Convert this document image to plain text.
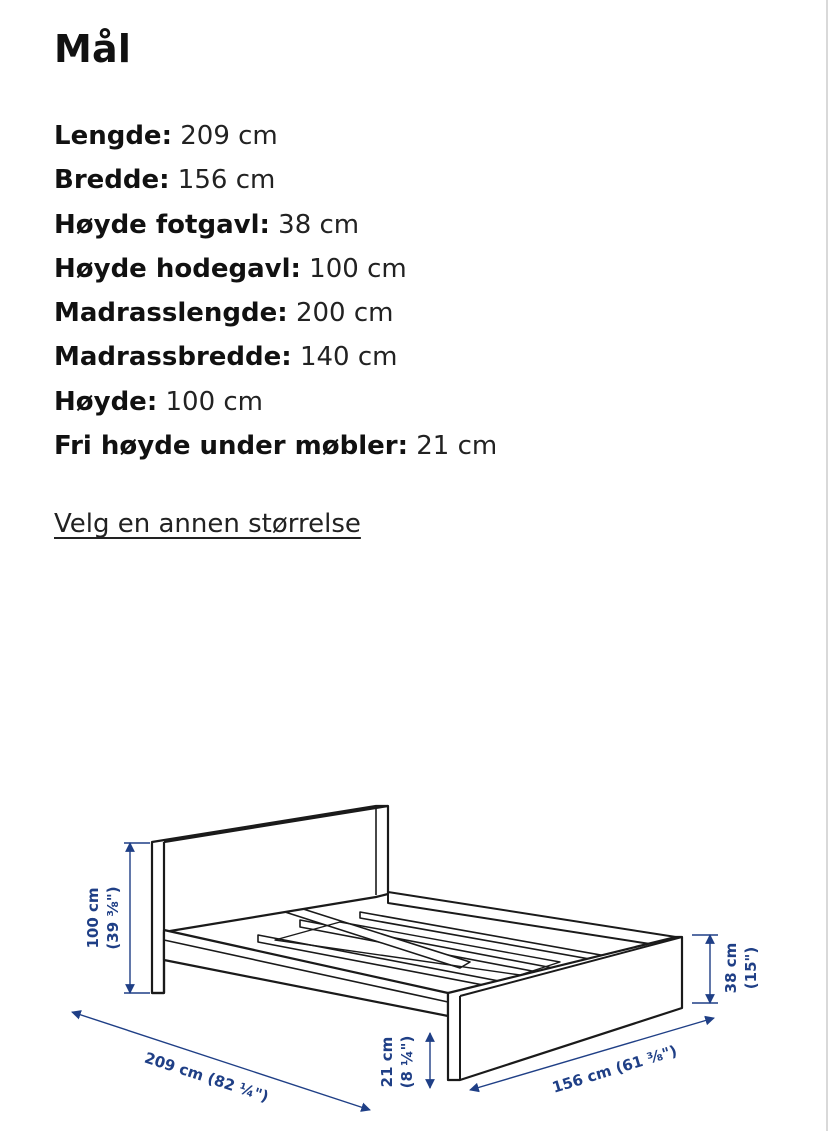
Mål
Lengde: 209 cm
Bredde: 156 cm
Høyde fotgavl: 38 cm
Høyde hodegavl: 100 cm
Madrasslengde: 200 cm
Madrassbredde: 140 cm
Høyde: 100 cm
Fri høyde under møbler: 21 cm
Velg en annen størrelse
100 cm (39 ⅜")
38 cm (15")
21 cm (8 ¼")
209 cm (82 ¼")	156 cm (61 ⅜")
